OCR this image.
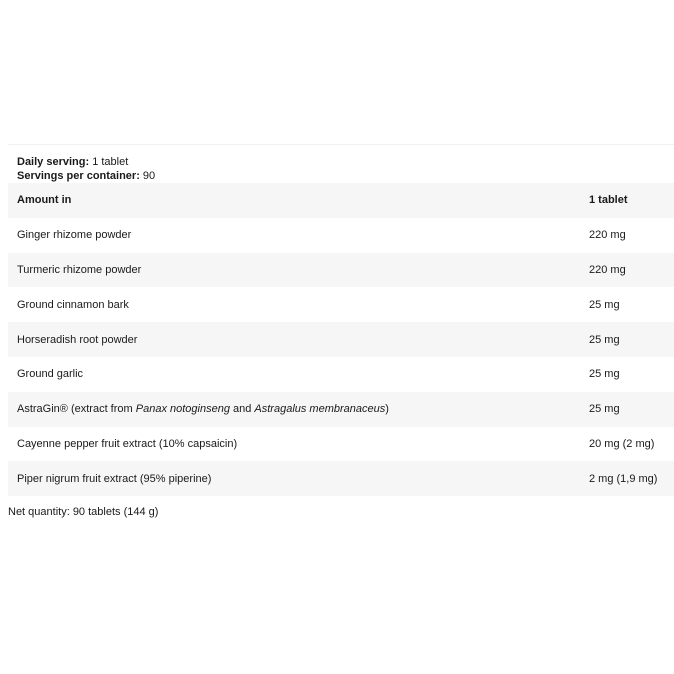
Daily serving: 1 tablet
Servings per container: 90
Amount in	1 tablet
Ginger rhizome powder	220 mg
Turmeric rhizome powder	220 mg
Ground cinnamon bark	25 mg
Horseradish root powder	25 mg
Ground garlic	25 mg
AstraGin® (extract from Panax notoginseng and Astragalus membranaceus)	25 mg
Cayenne pepper fruit extract (10% capsaicin)	20 mg (2 mg)
Piper nigrum fruit extract (95% piperine)	2 mg (1,9 mg)
Net quantity: 90 tablets (144 g)
